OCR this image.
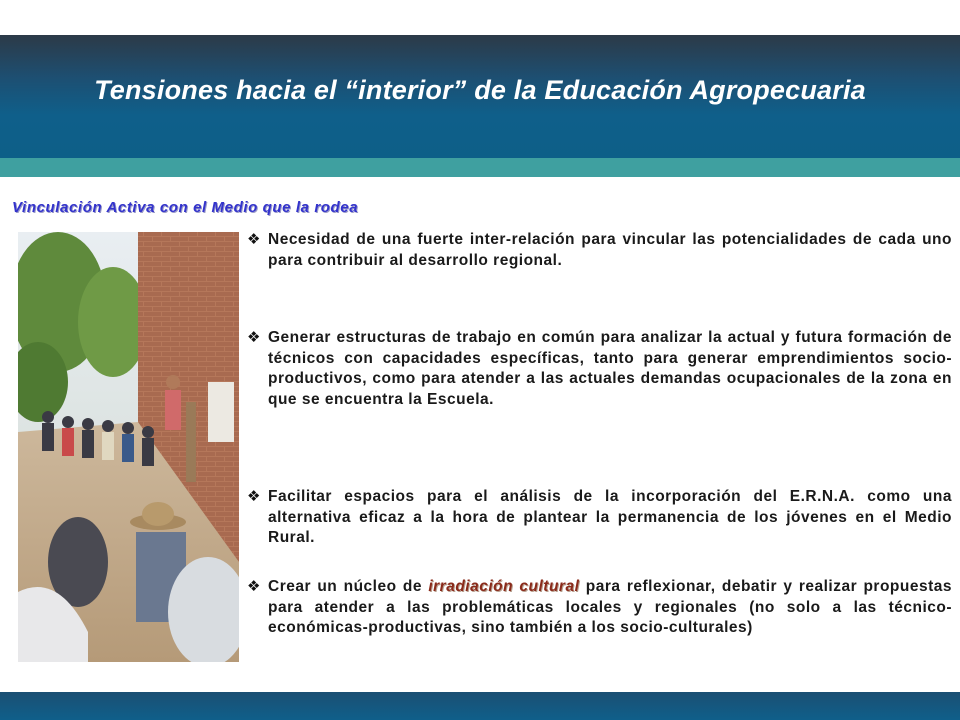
Tensiones hacia el “interior” de la Educación Agropecuaria
Vinculación Activa con el Medio que la rodea
❖ Necesidad de una fuerte inter-relación para vincular las potencialidades de cada uno para contribuir al desarrollo regional.
❖ Generar estructuras de trabajo en común para analizar la actual y futura formación de técnicos con capacidades específicas, tanto para generar emprendimientos socio-productivos, como para atender a las actuales demandas ocupacionales de la zona en que se encuentra la Escuela.
❖ Facilitar espacios para el análisis de la incorporación del E.R.N.A. como una alternativa eficaz a la hora de plantear la permanencia de los jóvenes en el Medio Rural.
❖ Crear un núcleo de irradiación cultural para reflexionar, debatir y realizar propuestas para atender a las problemáticas locales y regionales (no solo a las técnico-económicas-productivas, sino también a los socio-culturales)
